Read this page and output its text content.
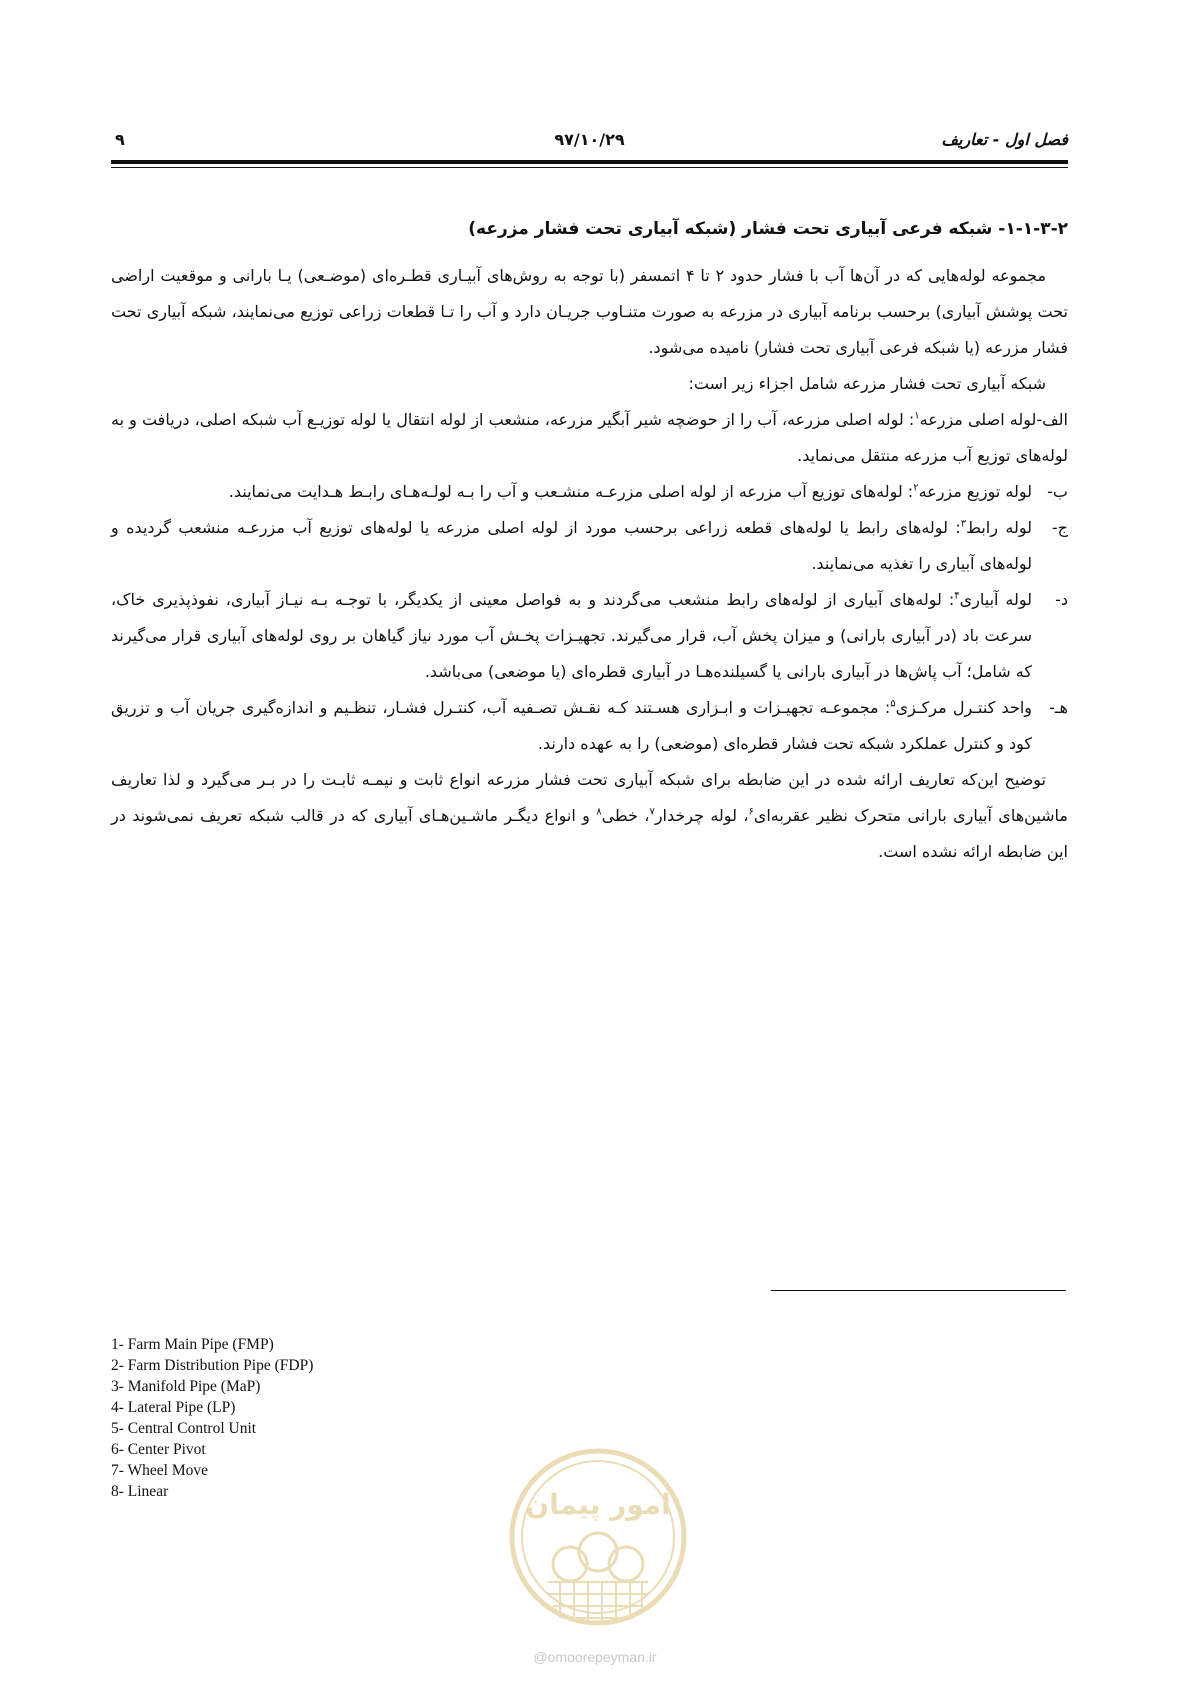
فصل اول - تعاریف
۹۷/۱۰/۲۹
۹

۱-۱-۳-۲- شبکه فرعی آبیاری تحت فشار (شبکه آبیاری تحت فشار مزرعه)

مجموعه لوله‌هایی که در آن‌ها آب با فشار حدود ۲ تا ۴ اتمسفر (با توجه به روش‌های آبیـاری قطـره‌ای (موضـعی) یـا بارانی و موقعیت اراضی تحت پوشش آبیاری) برحسب برنامه آبیاری در مزرعه به صورت متنـاوب جریـان دارد و آب را تـا قطعات زراعی توزیع می‌نمایند، شبکه آبیاری تحت فشار مزرعه (یا شبکه فرعی آبیاری تحت فشار) نامیده می‌شود.

شبکه آبیاری تحت فشار مزرعه شامل اجزاء زیر است:

الف-لوله اصلی مزرعه$^۱$: لوله اصلی مزرعه، آب را از حوضچه شیر آبگیر مزرعه، منشعب از لوله انتقال یا لوله توزیـع آب شبکه اصلی، دریافت و به لوله‌های توزیع آب مزرعه منتقل می‌نماید.
ب-
لوله توزیع مزرعه$^۲$: لوله‌های توزیع آب مزرعه از لوله اصلی مزرعـه منشـعب و آب را بـه لولـه‌هـای رابـط هـدایت می‌نمایند.
ج-
لوله رابط$^۳$: لوله‌های رابط یا لوله‌های قطعه زراعی برحسب مورد از لوله اصلی مزرعه یا لوله‌های توزیع آب مزرعـه منشعب گردیده و لوله‌های آبیاری را تغذیه می‌نمایند.
د-
لوله آبیاری$^۴$: لوله‌های آبیاری از لوله‌های رابط منشعب می‌گردند و به فواصل معینی از یکدیگر، با توجـه بـه نیـاز آبیاری، نفوذپذیری خاک، سرعت باد (در آبیاری بارانی) و میزان پخش آب، قرار می‌گیرند. تجهیـزات پخـش آب مورد نیاز گیاهان بر روی لوله‌های آبیاری قرار می‌گیرند که شامل؛ آب پاش‌ها در آبیاری بارانی یا گسیلنده‌هـا در آبیاری قطره‌ای (یا موضعی) می‌باشد.
هـ-
واحد کنتـرل مرکـزی$^۵$: مجموعـه تجهیـزات و ابـزاری هسـتند کـه نقـش تصـفیه آب، کنتـرل فشـار، تنظـیم و اندازه‌گیری جریان آب و تزریق کود و کنترل عملکرد شبکه تحت فشار قطره‌ای (موضعی) را به عهده دارند.

توضیح این‌که تعاریف ارائه شده در این ضابطه برای شبکه آبیاری تحت فشار مزرعه انواع ثابت و نیمـه ثابـت را در بـر می‌گیرد و لذا تعاریف ماشین‌های آبیاری بارانی متحرک نظیر عقربه‌ای$^۶$، لوله چرخدار$^۷$، خطی$^۸$ و انواع دیگـر ماشـین‌هـای آبیاری که در قالب شبکه تعریف نمی‌شوند در این ضابطه ارائه نشده است.

1- Farm Main Pipe (FMP)

2- Farm Distribution Pipe (FDP)

3- Manifold Pipe (MaP)

4- Lateral Pipe (LP)

5- Central Control Unit

6- Center Pivot

7- Wheel Move

8- Linear	امور پیمان
@omoorepeyman.ir
